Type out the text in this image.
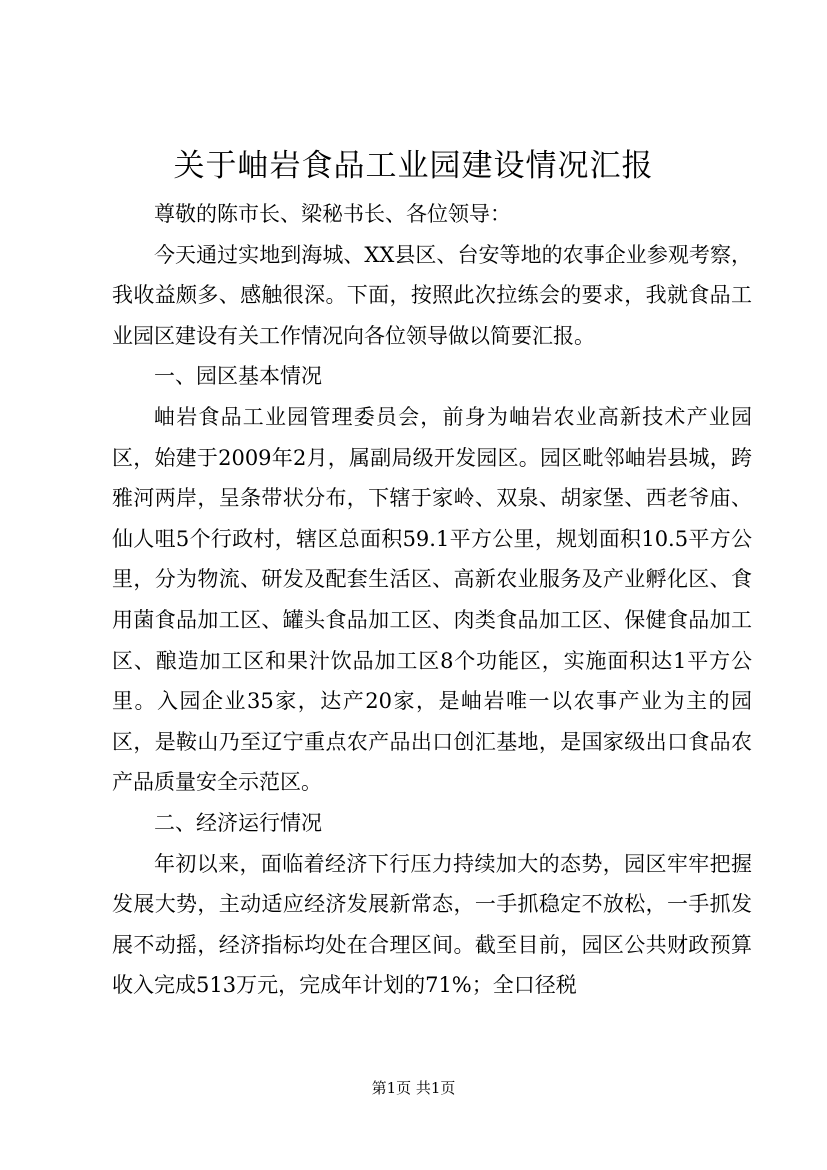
关于岫岩食品工业园建设情况汇报

尊敬的陈市长、梁秘书长、各位领导：

今天通过实地到海城、XX县区、台安等地的农事企业参观考察，我收益颇多、感触很深。下面，按照此次拉练会的要求，我就食品工业园区建设有关工作情况向各位领导做以简要汇报。

一、园区基本情况

岫岩食品工业园管理委员会，前身为岫岩农业高新技术产业园区，始建于2009年2月，属副局级开发园区。园区毗邻岫岩县城，跨雅河两岸，呈条带状分布，下辖于家岭、双泉、胡家堡、西老爷庙、仙人咀5个行政村，辖区总面积59.1平方公里，规划面积10.5平方公里，分为物流、研发及配套生活区、高新农业服务及产业孵化区、食用菌食品加工区、罐头食品加工区、肉类食品加工区、保健食品加工区、酿造加工区和果汁饮品加工区8个功能区，实施面积达1平方公里。入园企业35家，达产20家，是岫岩唯一以农事产业为主的园区，是鞍山乃至辽宁重点农产品出口创汇基地，是国家级出口食品农产品质量安全示范区。

二、经济运行情况

年初以来，面临着经济下行压力持续加大的态势，园区牢牢把握发展大势，主动适应经济发展新常态，一手抓稳定不放松，一手抓发展不动摇，经济指标均处在合理区间。截至目前，园区公共财政预算收入完成513万元，完成年计划的71%；全口径税

第1页 共1页
